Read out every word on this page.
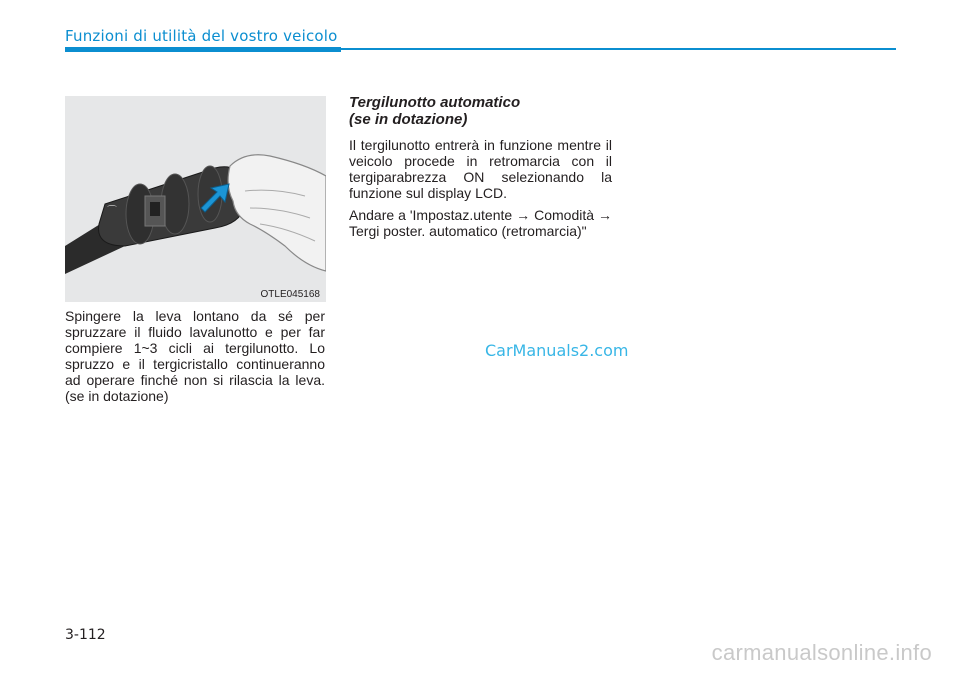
Funzioni di utilità del vostro veicolo
⌒
OTLE045168

Spingere la leva lontano da sé per spruzzare il fluido lavalunotto e per far compiere 1~3 cicli ai tergilunotto. Lo spruzzo e il tergicristallo continueranno ad operare finché non si rilascia la leva. (se in dotazione)

Tergilunotto automatico
(se in dotazione)

Il tergilunotto entrerà in funzione mentre il veicolo procede in retromarcia con il tergiparabrezza ON selezionando la funzione sul display LCD.

Andare a 'Impostaz.utente → Comodità → Tergi poster. automatico (retromarcia)"

CarManuals2.com
3-112
carmanualsonline.info
